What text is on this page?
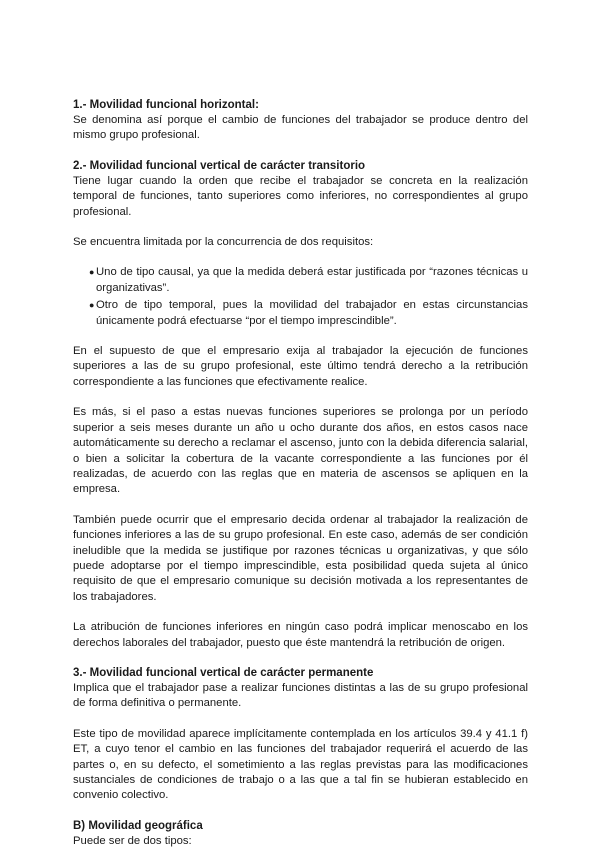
1.- Movilidad funcional horizontal:

Se denomina así porque el cambio de funciones del trabajador se produce dentro del mismo grupo profesional.

2.- Movilidad funcional vertical de carácter transitorio

Tiene lugar cuando la orden que recibe el trabajador se concreta en la realización temporal de funciones, tanto superiores como inferiores, no correspondientes al grupo profesional.

Se encuentra limitada por la concurrencia de dos requisitos:

● Uno de tipo causal, ya que la medida deberá estar justificada por “razones técnicas u organizativas”.
● Otro de tipo temporal, pues la movilidad del trabajador en estas circunstancias únicamente podrá efectuarse “por el tiempo imprescindible”.

En el supuesto de que el empresario exija al trabajador la ejecución de funciones superiores a las de su grupo profesional, este último tendrá derecho a la retribución correspondiente a las funciones que efectivamente realice.

Es más, si el paso a estas nuevas funciones superiores se prolonga por un período superior a seis meses durante un año u ocho durante dos años, en estos casos nace automáticamente su derecho a reclamar el ascenso, junto con la debida diferencia salarial, o bien a solicitar la cobertura de la vacante correspondiente a las funciones por él realizadas, de acuerdo con las reglas que en materia de ascensos se apliquen en la empresa.

También puede ocurrir que el empresario decida ordenar al trabajador la realización de funciones inferiores a las de su grupo profesional. En este caso, además de ser condición ineludible que la medida se justifique por razones técnicas u organizativas, y que sólo puede adoptarse por el tiempo imprescindible, esta posibilidad queda sujeta al único requisito de que el empresario comunique su decisión motivada a los representantes de los trabajadores.

La atribución de funciones inferiores en ningún caso podrá implicar menoscabo en los derechos laborales del trabajador, puesto que éste mantendrá la retribución de origen.

3.- Movilidad funcional vertical de carácter permanente

Implica que el trabajador pase a realizar funciones distintas a las de su grupo profesional de forma definitiva o permanente.

Este tipo de movilidad aparece implícitamente contemplada en los artículos 39.4 y 41.1 f) ET, a cuyo tenor el cambio en las funciones del trabajador requerirá el acuerdo de las partes o, en su defecto, el sometimiento a las reglas previstas para las modificaciones sustanciales de condiciones de trabajo o a las que a tal fin se hubieran establecido en convenio colectivo.

B) Movilidad geográfica

Puede ser de dos tipos:
